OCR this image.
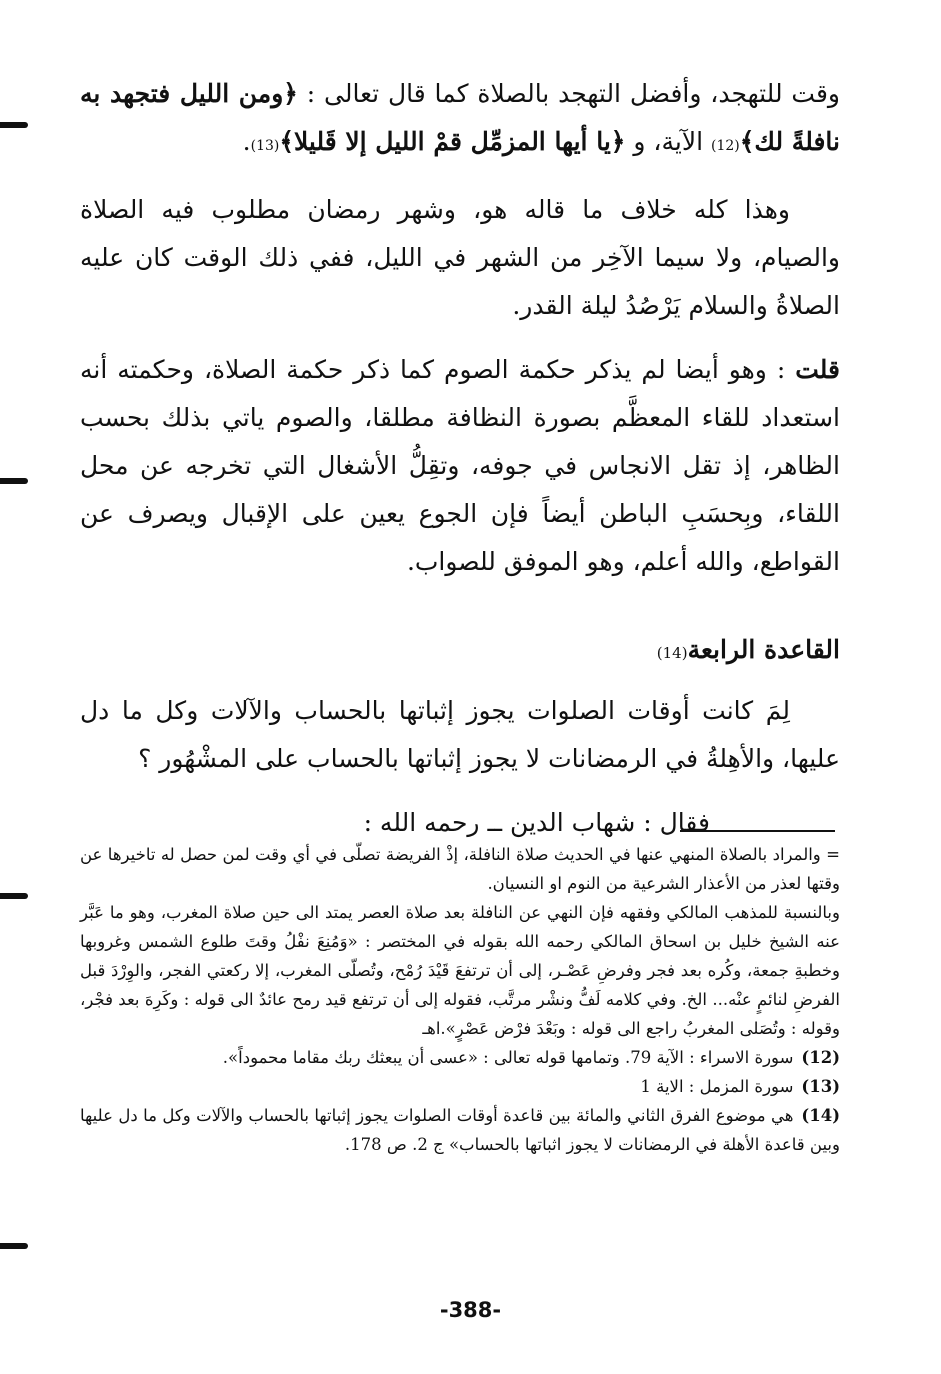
وقت للتهجد، وأفضل التهجد بالصلاة كما قال تعالى : ﴿ومن الليل فتجهد به نافلةً لك﴾(12) الآية، و ﴿يا أيها المزمِّل قمْ الليل إلا قَليلا﴾(13).

وهذا كله خلاف ما قاله هو، وشهر رمضان مطلوب فيه الصلاة والصيام، ولا سيما الآخِر من الشهر في الليل، ففي ذلك الوقت كان عليه الصلاةُ والسلام يَرْصُدُ ليلة القدر.

قلت : وهو أيضا لم يذكر حكمة الصوم كما ذكر حكمة الصلاة، وحكمته أنه استعداد للقاء المعظَّم بصورة النظافة مطلقا، والصوم ياتي بذلك بحسب الظاهر، إذ تقل الانجاس في جوفه، وتقِلُّ الأشغال التي تخرجه عن محل اللقاء، وبِحسَبِ الباطن أيضاً فإن الجوع يعين على الإقبال ويصرف عن القواطع، والله أعلم، وهو الموفق للصواب.

القاعدة الرابعة(14)

لِمَ كانت أوقات الصلوات يجوز إثباتها بالحساب والآلات وكل ما دل عليها، والأهِلةُ في الرمضانات لا يجوز إثباتها بالحساب على المشْهُور ؟

فقال : شهاب الدين ــ رحمه الله :

= والمراد بالصلاة المنهي عنها في الحديث صلاة النافلة، إذْ الفريضة تصلّى في أي وقت لمن حصل له تاخيرها عن وقتها لعذر من الأعذار الشرعية من النوم او النسيان.

وبالنسبة للمذهب المالكي وفقهه فإن النهي عن النافلة بعد صلاة العصر يمتد الى حين صلاة المغرب، وهو ما عَبَّر عنه الشيخ خليل بن اسحاق المالكي رحمه الله بقوله في المختصر : «وَمُنِعَ نفْلُ وقتَ طلوع الشمس وغروبها وخطبةِ جمعة، وكُره بعد فجر وفرضِ عَصْـر، إلى أن ترتفعَ قَيْدَ رُمْح، وتُصلّى المغرب، إلا ركعتي الفجر، والوِرْدَ قبل الفرضِ لنائمٍ عنْه... الخ. وفي كلامه لَفُّ ونشْر مرتَّب، فقوله إلى أن ترتفع قيد رمح عائدٌ الى قوله : وكَرِهَ بعد فجْر، وقوله : وتُصَلى المغربُ راجع الى قوله : وبَعْدَ فرْض عَصْرٍ».اهـ

(12)سورة الاسراء : الآية 79. وتمامها قوله تعالى : «عسى أن يبعثك ربك مقاما محموداً».

(13)سورة المزمل : الاية 1

(14)هي موضوع الفرق الثاني والمائة بين قاعدة أوقات الصلوات يجوز إثباتها بالحساب والآلات وكل ما دل عليها وبين قاعدة الأهلة في الرمضانات لا يجوز اثباتها بالحساب» ج 2. ص 178.

-388-
